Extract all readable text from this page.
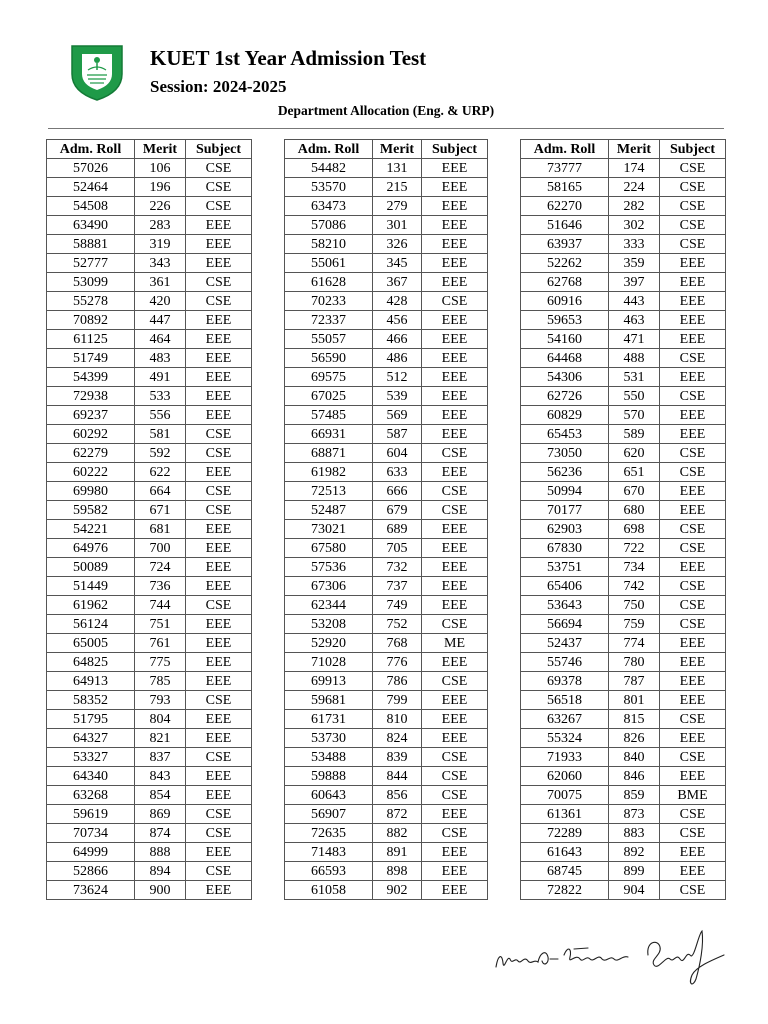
KUET 1st Year Admission Test
Session: 2024-2025
Department Allocation (Eng. & URP)
Adm. Roll	Merit	Subject
57026	106	CSE
52464	196	CSE
54508	226	CSE
63490	283	EEE
58881	319	EEE
52777	343	EEE
53099	361	CSE
55278	420	CSE
70892	447	EEE
61125	464	EEE
51749	483	EEE
54399	491	EEE
72938	533	EEE
69237	556	EEE
60292	581	CSE
62279	592	CSE
60222	622	EEE
69980	664	CSE
59582	671	CSE
54221	681	EEE
64976	700	EEE
50089	724	EEE
51449	736	EEE
61962	744	CSE
56124	751	EEE
65005	761	EEE
64825	775	EEE
64913	785	EEE
58352	793	CSE
51795	804	EEE
64327	821	EEE
53327	837	CSE
64340	843	EEE
63268	854	EEE
59619	869	CSE
70734	874	CSE
64999	888	EEE
52866	894	CSE
73624	900	EEE
Adm. Roll	Merit	Subject
54482	131	EEE
53570	215	EEE
63473	279	EEE
57086	301	EEE
58210	326	EEE
55061	345	EEE
61628	367	EEE
70233	428	CSE
72337	456	EEE
55057	466	EEE
56590	486	EEE
69575	512	EEE
67025	539	EEE
57485	569	EEE
66931	587	EEE
68871	604	CSE
61982	633	EEE
72513	666	CSE
52487	679	CSE
73021	689	EEE
67580	705	EEE
57536	732	EEE
67306	737	EEE
62344	749	EEE
53208	752	CSE
52920	768	ME
71028	776	EEE
69913	786	CSE
59681	799	EEE
61731	810	EEE
53730	824	EEE
53488	839	CSE
59888	844	CSE
60643	856	CSE
56907	872	EEE
72635	882	CSE
71483	891	EEE
66593	898	EEE
61058	902	EEE
Adm. Roll	Merit	Subject
73777	174	CSE
58165	224	CSE
62270	282	CSE
51646	302	CSE
63937	333	CSE
52262	359	EEE
62768	397	EEE
60916	443	EEE
59653	463	EEE
54160	471	EEE
64468	488	CSE
54306	531	EEE
62726	550	CSE
60829	570	EEE
65453	589	EEE
73050	620	CSE
56236	651	CSE
50994	670	EEE
70177	680	EEE
62903	698	CSE
67830	722	CSE
53751	734	EEE
65406	742	CSE
53643	750	CSE
56694	759	CSE
52437	774	EEE
55746	780	EEE
69378	787	EEE
56518	801	EEE
63267	815	CSE
55324	826	EEE
71933	840	CSE
62060	846	EEE
70075	859	BME
61361	873	CSE
72289	883	CSE
61643	892	EEE
68745	899	EEE
72822	904	CSE
